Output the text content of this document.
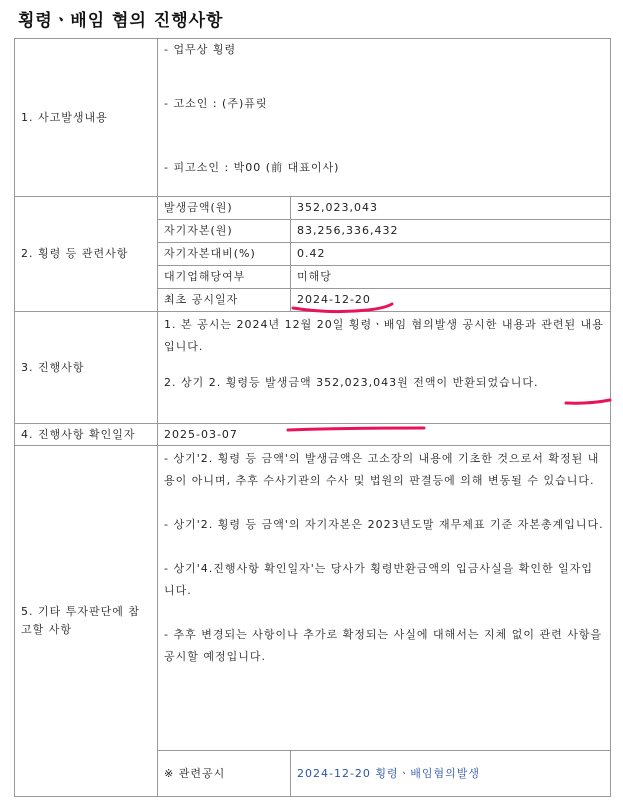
횡령ㆍ배임 혐의 진행사항
1. 사고발생내용	- 업무상 횡령
- 고소인 : (주)퓨릿
- 피고소인 : 박00 (前 대표이사)	

2. 횡령 등 관련사항	발생금액(원)	352,023,043
	자기자본(원)	83,256,336,432
	자기자본대비(%)	0.42
	대기업해당여부	미해당
	최초 공시일자	2024-12-20
3. 진행사항	1. 본 공시는 2024년 12월 20일 횡령ㆍ배임 혐의발생 공시한 내용과 관련된 내용입니다.
2. 상기 2. 횡령등 발생금액 352,023,043원 전액이 반환되었습니다.	

4. 진행사항 확인일자	2025-03-07	
5. 기타 투자판단에 참고할 사항	- 상기'2. 횡령 등 금액'의 발생금액은 고소장의 내용에 기초한 것으로서 확정된 내용이 아니며, 추후 수사기관의 수사 및 법원의 판결등에 의해 변동될 수 있습니다.
- 상기'2. 횡령 등 금액'의 자기자본은 2023년도말 재무제표 기준 자본총계입니다.
- 상기'4.진행사항 확인일자'는 당사가 횡령반환금액의 입금사실을 확인한 일자입니다.
- 추후 변경되는 사항이나 추가로 확정되는 사실에 대해서는 지체 없이 관련 사항을 공시할 예정입니다.	

	※ 관련공시	2024-12-20 횡령ㆍ배임혐의발생
